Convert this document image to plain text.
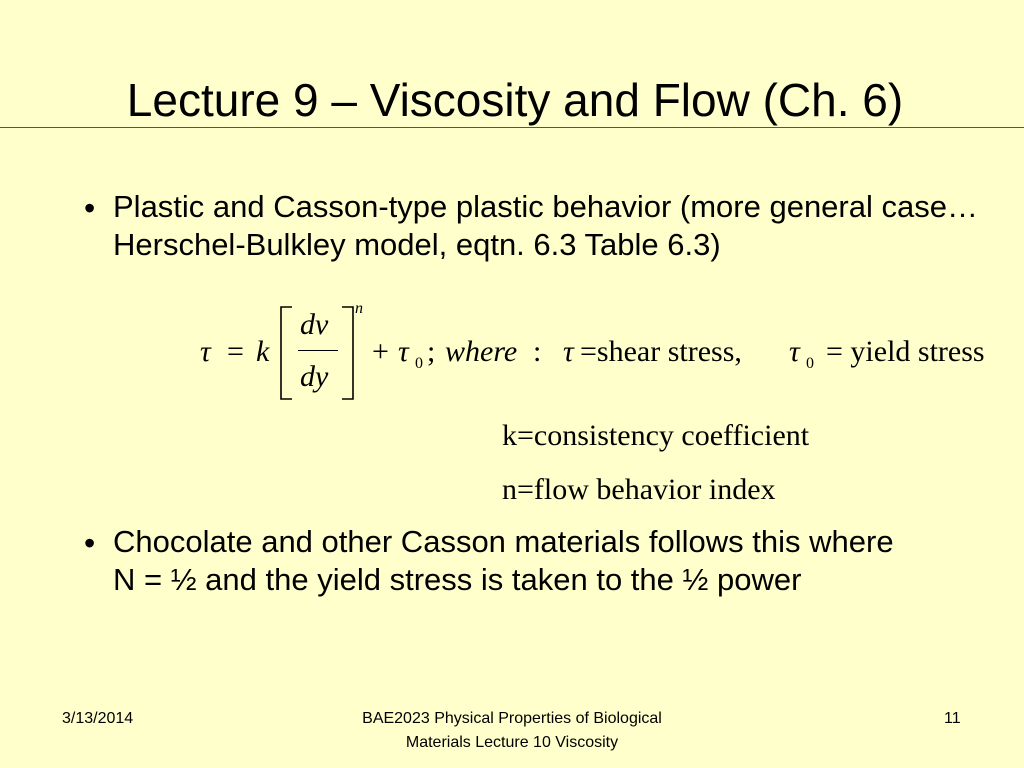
Lecture 9 – Viscosity and Flow (Ch. 6)
• Plastic and Casson-type plastic behavior (more general case…Herschel-Bulkley model, eqtn. 6.3 Table 6.3)
τ = k
dv
dy
n
+ τ 0 ; where : τ =shear stress, τ 0 = yield stress
k=consistency coefficient
n=flow behavior index
• Chocolate and other Casson materials follows this where N = ½ and the yield stress is taken to the ½ power
3/13/2014	BAE2023 Physical Properties of Biological Materials Lecture 10 Viscosity
11
